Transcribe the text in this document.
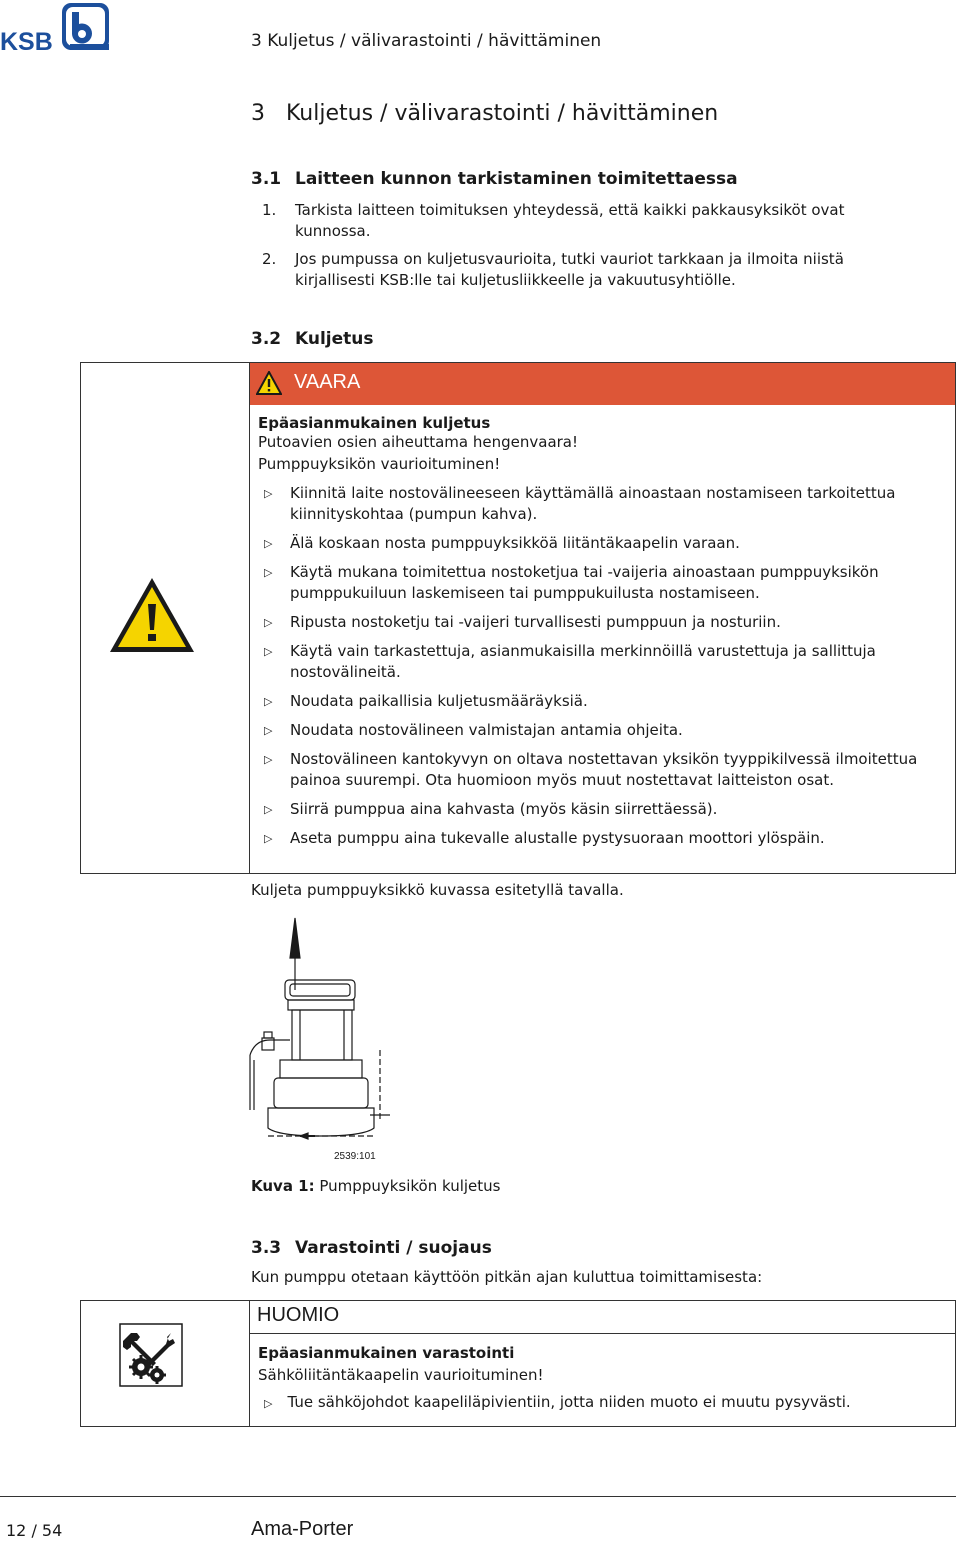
KSB	3 Kuljetus / välivarastointi / hävittäminen
3   Kuljetus / välivarastointi / hävittäminen
3.1 Laitteen kunnon tarkistaminen toimitettaessa
1. Tarkista laitteen toimituksen yhteydessä, että kaikki pakkausyksiköt ovat kunnossa.
2. Jos pumpussa on kuljetusvaurioita, tutki vauriot tarkkaan ja ilmoita niistä kirjallisesti KSB:lle tai kuljetusliikkeelle ja vakuutusyhtiölle.
3.2 Kuljetus
VAARA
Epäasianmukainen kuljetus
Putoavien osien aiheuttama hengenvaara!
Pumppuyksikön vaurioituminen!
▷ Kiinnitä laite nostovälineeseen käyttämällä ainoastaan nostamiseen tarkoitettua kiinnityskohtaa (pumpun kahva).
▷ Älä koskaan nosta pumppuyksikköä liitäntäkaapelin varaan.
▷ Käytä mukana toimitettua nostoketjua tai -vaijeria ainoastaan pumppuyksikön pumppukuiluun laskemiseen tai pumppukuilusta nostamiseen.
▷ Ripusta nostoketju tai -vaijeri turvallisesti pumppuun ja nosturiin.
▷ Käytä vain tarkastettuja, asianmukaisilla merkinnöillä varustettuja ja sallittuja nostovälineitä.
▷ Noudata paikallisia kuljetusmääräyksiä.
▷ Noudata nostovälineen valmistajan antamia ohjeita.
▷ Nostovälineen kantokyvyn on oltava nostettavan yksikön tyyppikilvessä ilmoitettua painoa suurempi. Ota huomioon myös muut nostettavat laitteiston osat.
▷ Siirrä pumppua aina kahvasta (myös käsin siirrettäessä).
▷ Aseta pumppu aina tukevalle alustalle pystysuoraan moottori ylöspäin.
Kuljeta pumppuyksikkö kuvassa esitetyllä tavalla.
2539:101
Kuva 1: Pumppuyksikön kuljetus
3.3 Varastointi / suojaus
Kun pumppu otetaan käyttöön pitkän ajan kuluttua toimittamisesta:
HUOMIO
Epäasianmukainen varastointi
Sähköliitäntäkaapelin vaurioituminen!
▷ Tue sähköjohdot kaapeliläpivientiin, jotta niiden muoto ei muutu pysyvästi.
12 / 54	Ama-Porter
